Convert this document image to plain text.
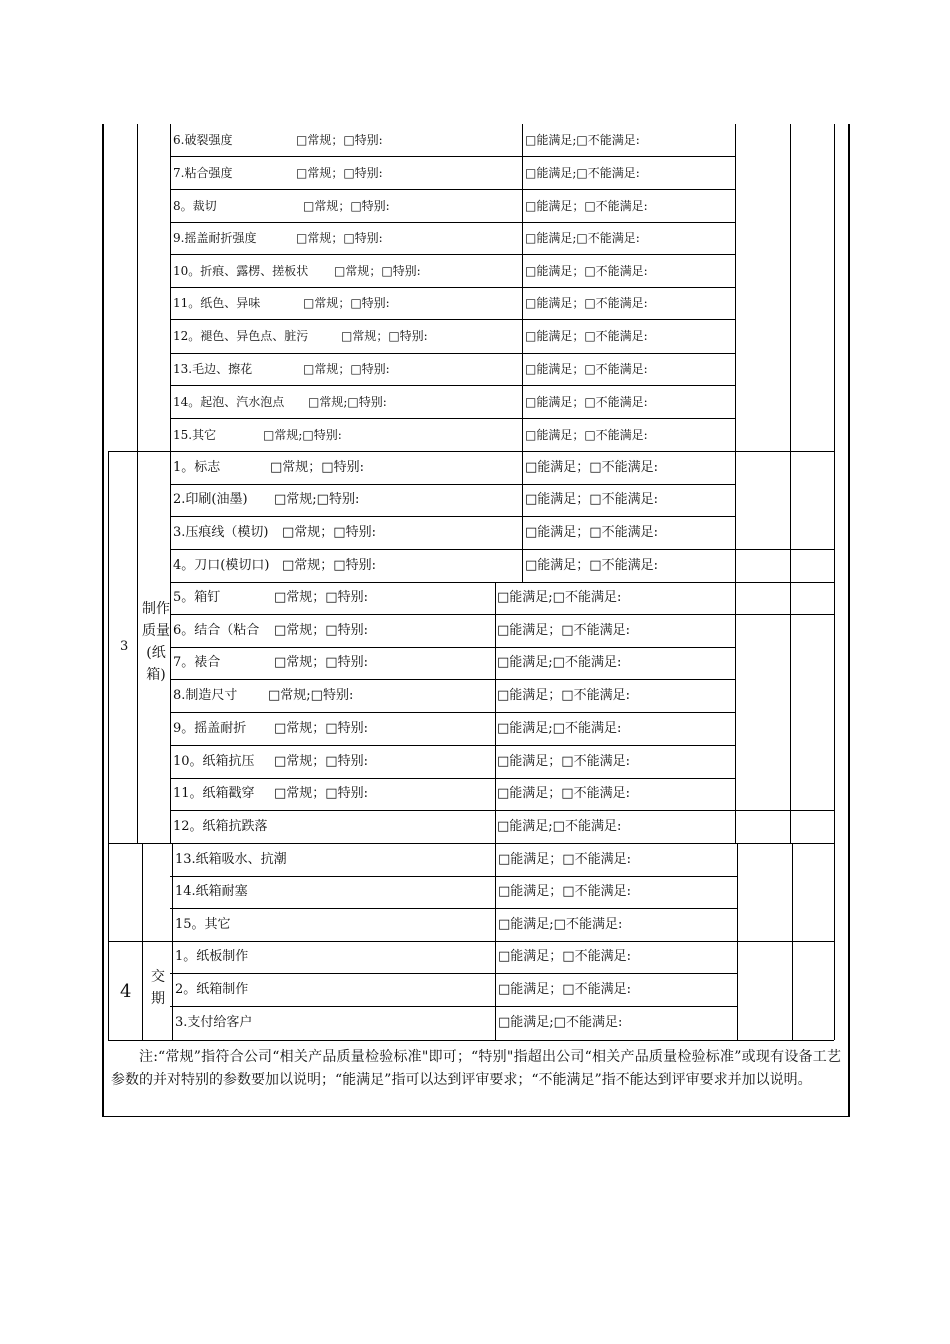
6.破裂强度	□常规；□特别:	□能满足;□不能满足:
7.粘合强度	□常规；□特别:	□能满足;□不能满足:
8。裁切	□常规；□特别:	□能满足；□不能满足:
9.摇盖耐折强度	□常规；□特别:	□能满足;□不能满足:
10。折痕、露楞、搓板状 □常规；□特别:	□能满足；□不能满足:
11。纸色、异味	□常规；□特别:	□能满足；□不能满足:
12。褪色、异色点、脏污	□常规；□特别:	□能满足；□不能满足:
13.毛边、擦花	□常规；□特别:	□能满足；□不能满足:
14。起泡、汽水泡点 □常规;□特别:	□能满足；□不能满足:
15.其它	□常规;□特别:	□能满足；□不能满足:
1。标志	□常规；□特别:	□能满足；□不能满足:
2.印刷(油墨) □常规;□特别:	□能满足；□不能满足:
3.压痕线（模切) □常规；□特别:	□能满足；□不能满足:
4。刀口(模切口) □常规；□特别:	□能满足；□不能满足:
5。箱钉	□常规；□特别:	□能满足;□不能满足:
6。结合（粘合 □常规；□特别:	□能满足；□不能满足:
7。裱合	□常规；□特别:	□能满足;□不能满足:
8.制造尺寸 □常规;□特别:	□能满足；□不能满足:
9。摇盖耐折 □常规；□特别:	□能满足;□不能满足:
10。纸箱抗压 □常规；□特别:	□能满足；□不能满足:
11。纸箱戳穿 □常规；□特别:	□能满足；□不能满足:
12。纸箱抗跌落	□能满足;□不能满足:
13.纸箱吸水、抗潮	□能满足；□不能满足:
14.纸箱耐塞	□能满足；□不能满足:
15。其它	□能满足;□不能满足:
1。纸板制作	□能满足；□不能满足:
2。纸箱制作	□能满足；□不能满足:
3.支付给客户	□能满足;□不能满足:
3
制作
质量
(纸
箱)
4
交
期
注:“常规”指符合公司“相关产品质量检验标准"即可；“特别"指超出公司“相关产品质量检验标准”或现有设备工艺参数的并对特别的参数要加以说明；“能满足”指可以达到评审要求；“不能满足”指不能达到评审要求并加以说明。
